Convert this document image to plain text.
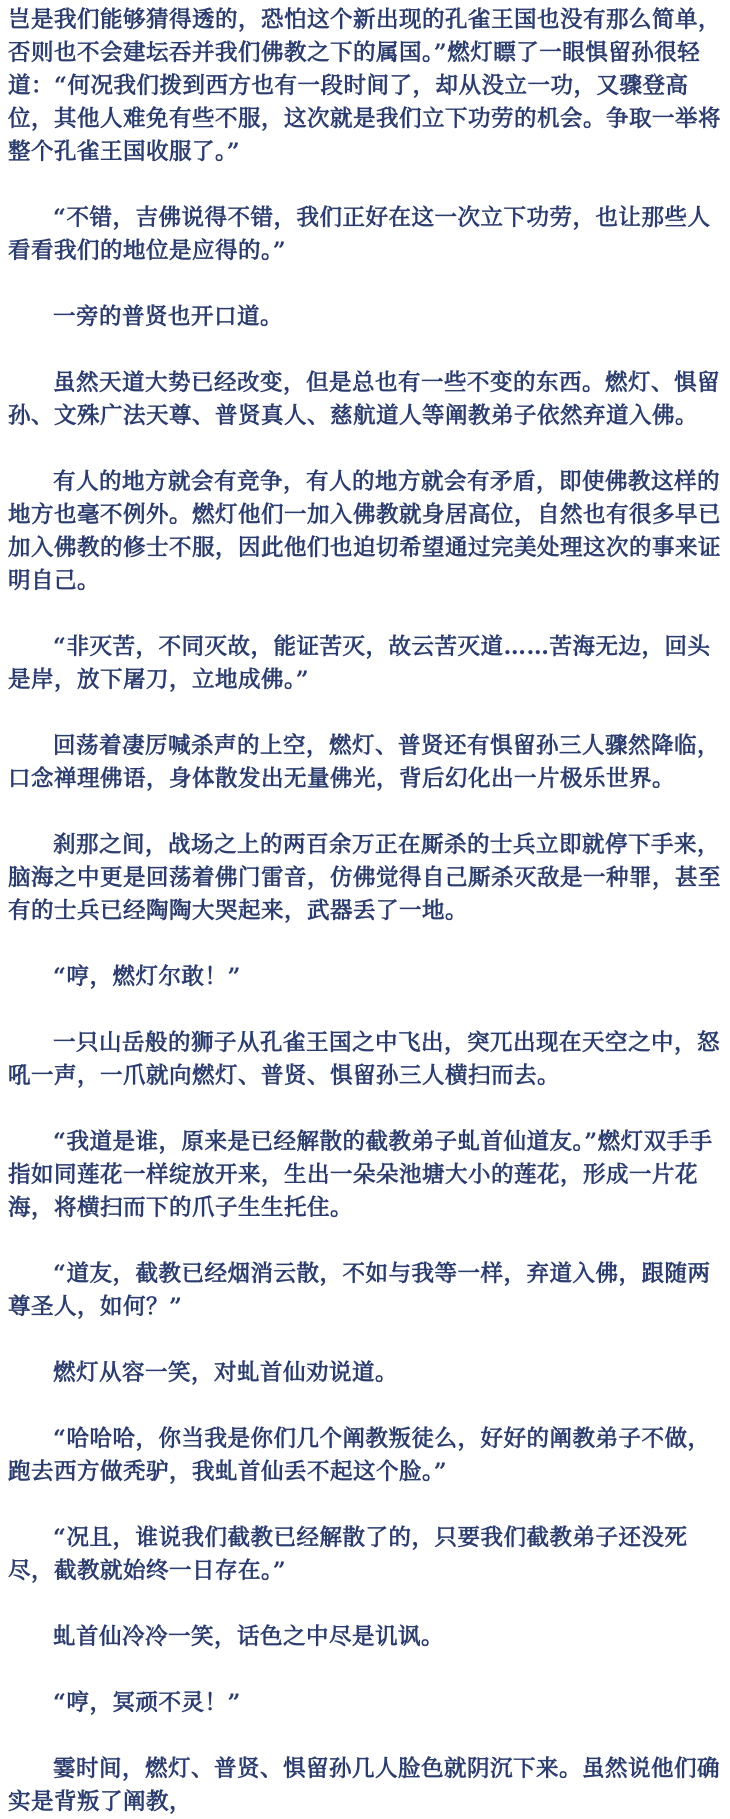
岂是我们能够猜得透的，恐怕这个新出现的孔雀王国也没有那么简单，否则也不会建坛吞并我们佛教之下的属国。”燃灯瞟了一眼惧留孙很轻道：“何况我们拨到西方也有一段时间了，却从没立一功，又骤登高位，其他人难免有些不服，这次就是我们立下功劳的机会。争取一举将整个孔雀王国收服了。”

“不错，吉佛说得不错，我们正好在这一次立下功劳，也让那些人看看我们的地位是应得的。”

一旁的普贤也开口道。

虽然天道大势已经改变，但是总也有一些不变的东西。燃灯、惧留孙、文殊广法天尊、普贤真人、慈航道人等阐教弟子依然弃道入佛。

有人的地方就会有竞争，有人的地方就会有矛盾，即使佛教这样的地方也毫不例外。燃灯他们一加入佛教就身居高位，自然也有很多早已加入佛教的修士不服，因此他们也迫切希望通过完美处理这次的事来证明自己。

“非灭苦，不同灭故，能证苦灭，故云苦灭道……苦海无边，回头是岸，放下屠刀，立地成佛。”

回荡着凄厉喊杀声的上空，燃灯、普贤还有惧留孙三人骤然降临，口念禅理佛语，身体散发出无量佛光，背后幻化出一片极乐世界。

刹那之间，战场之上的两百余万正在厮杀的士兵立即就停下手来，脑海之中更是回荡着佛门雷音，仿佛觉得自己厮杀灭敌是一种罪，甚至有的士兵已经陶陶大哭起来，武器丢了一地。

“哼，燃灯尔敢！”

一只山岳般的狮子从孔雀王国之中飞出，突兀出现在天空之中，怒吼一声，一爪就向燃灯、普贤、惧留孙三人横扫而去。

“我道是谁，原来是已经解散的截教弟子虬首仙道友。”燃灯双手手指如同莲花一样绽放开来，生出一朵朵池塘大小的莲花，形成一片花海，将横扫而下的爪子生生托住。

“道友，截教已经烟消云散，不如与我等一样，弃道入佛，跟随两尊圣人，如何？”

燃灯从容一笑，对虬首仙劝说道。

“哈哈哈，你当我是你们几个阐教叛徒么，好好的阐教弟子不做，跑去西方做秃驴，我虬首仙丢不起这个脸。”

“况且，谁说我们截教已经解散了的，只要我们截教弟子还没死尽，截教就始终一日存在。”

虬首仙冷冷一笑，话色之中尽是讥讽。

“哼，冥顽不灵！”

霎时间，燃灯、普贤、惧留孙几人脸色就阴沉下来。虽然说他们确实是背叛了阐教，
